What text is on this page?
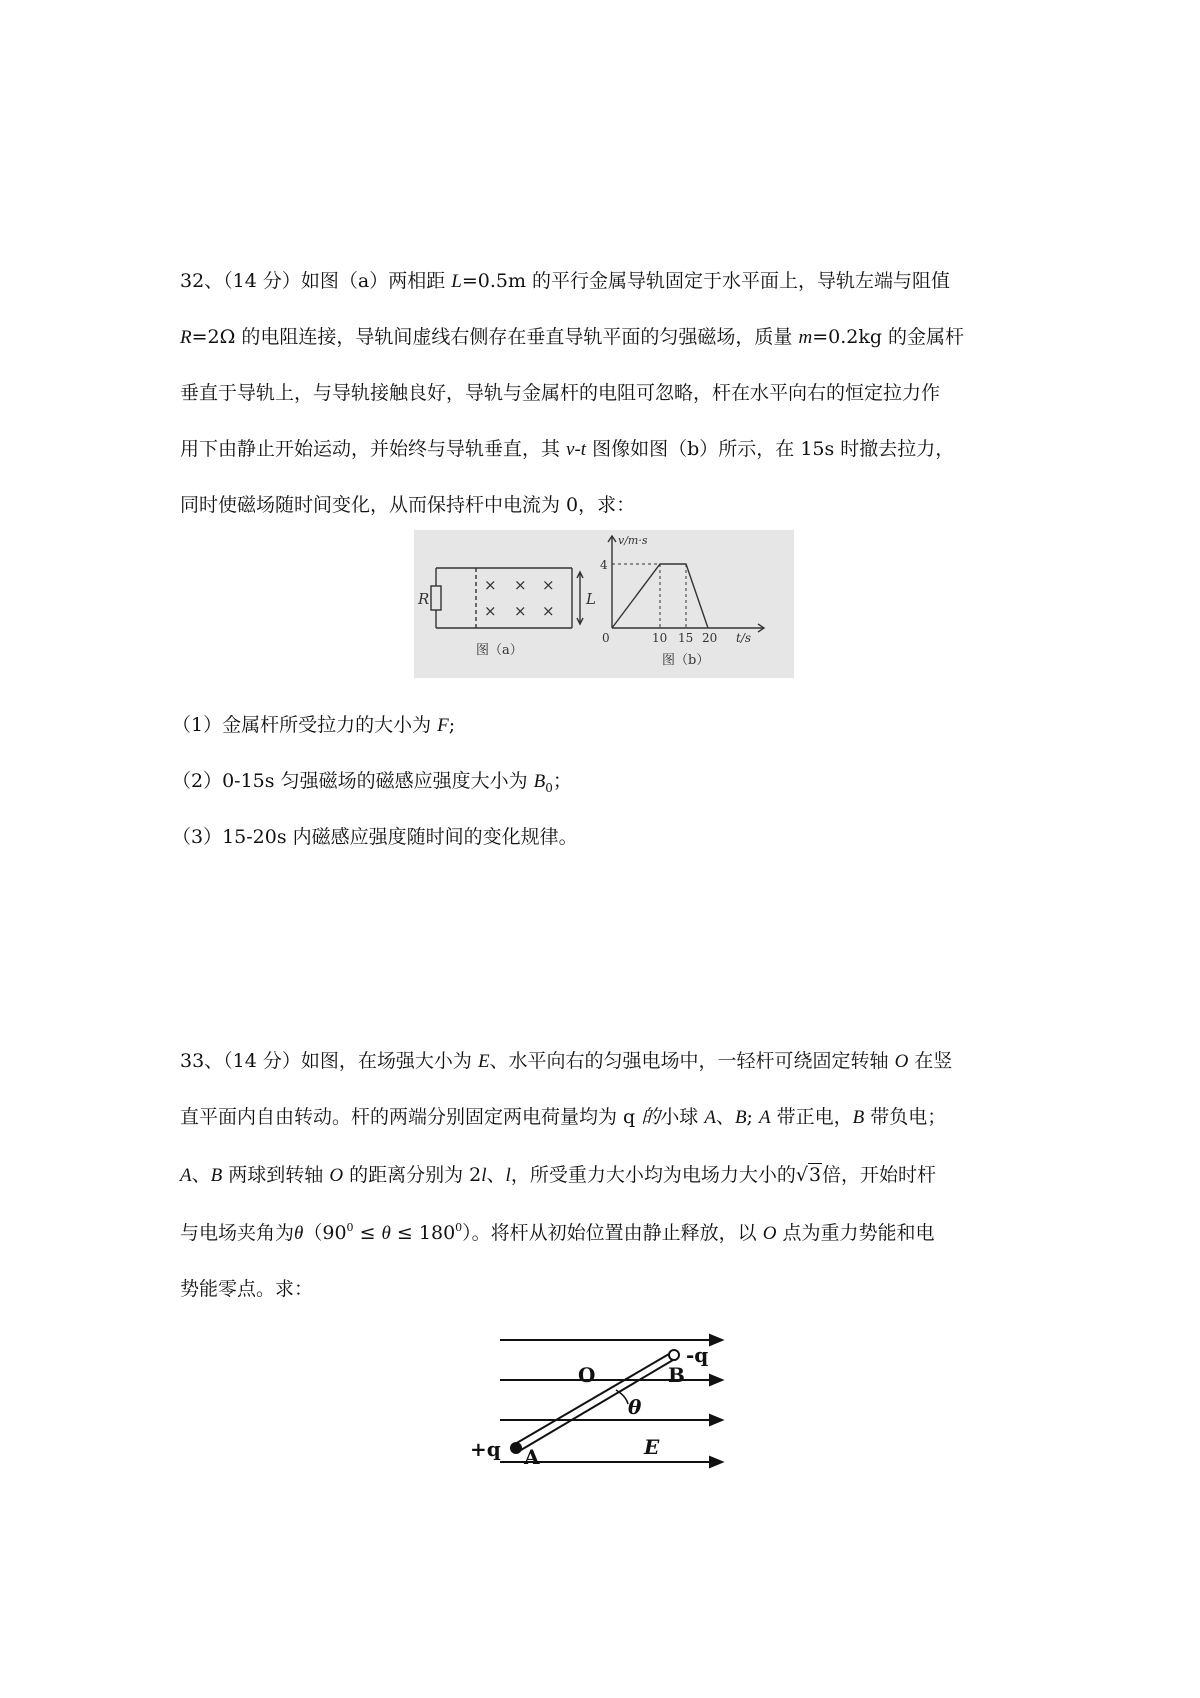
32、（14 分）如图（a）两相距 L=0.5m 的平行金属导轨固定于水平面上，导轨左端与阻值
R=2Ω 的电阻连接，导轨间虚线右侧存在垂直导轨平面的匀强磁场，质量 m=0.2kg 的金属杆
垂直于导轨上，与导轨接触良好，导轨与金属杆的电阻可忽略，杆在水平向右的恒定拉力作
用下由静止开始运动，并始终与导轨垂直，其 v-t 图像如图（b）所示，在 15s 时撤去拉力，
同时使磁场随时间变化，从而保持杆中电流为 0，求：
× × ×
× × ×
R	L
图（a）
v/m·s
4
0	10 15 20 t/s
图（b）
（1）金属杆所受拉力的大小为 F;
（2）0-15s 匀强磁场的磁感应强度大小为 $B_0$；
（3）15-20s 内磁感应强度随时间的变化规律。
33、（14 分）如图，在场强大小为 E、水平向右的匀强电场中，一轻杆可绕固定转轴 O 在竖
直平面内自由转动。杆的两端分别固定两电荷量均为 q 的小球 A、B; A 带正电，B 带负电；
A、B 两球到转轴 O 的距离分别为 2l、l，所受重力大小均为电场力大小的√3倍，开始时杆
与电场夹角为$\theta(90^0 \le \theta \le 180^0)$。将杆从初始位置由静止释放，以 O 点为重力势能和电
势能零点。求：
O	B
-q
θ
+q A	E
